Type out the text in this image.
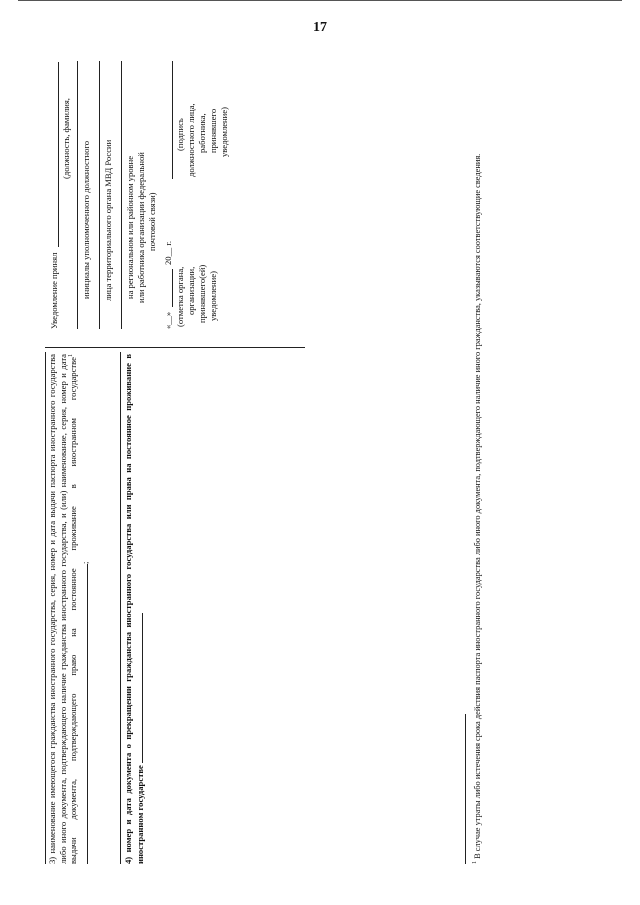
17
3) наименование имеющегося гражданства иностранного государства, серия, номер и дата выдачи паспорта иностранного государства либо иного документа, подтверждающего наличие гражданства иностранного государства, и (или) наименование, серия, номер и дата выдачи документа, подтверждающего право на постоянное проживание в иностранном государстве$^1$ ;	4) номер и дата документа о прекращении гражданства иностранного государства или права на постоянное проживание в иностранном государстве
Уведомление принял
(должность, фамилия,
инициалы уполномоченного должностного лица территориального органа МВД России на региональном или районном уровне или работника организации федеральной почтовой связи)
«__»
20__ г.
(отметка органа, организации, принявшего(ей) уведомление)
(подпись должностного лица, работника, принявшего уведомление)
$^1$ В случае утраты либо истечения срока действия паспорта иностранного государства либо иного документа, подтверждающего наличие иного гражданства, указываются соответствующие сведения.
